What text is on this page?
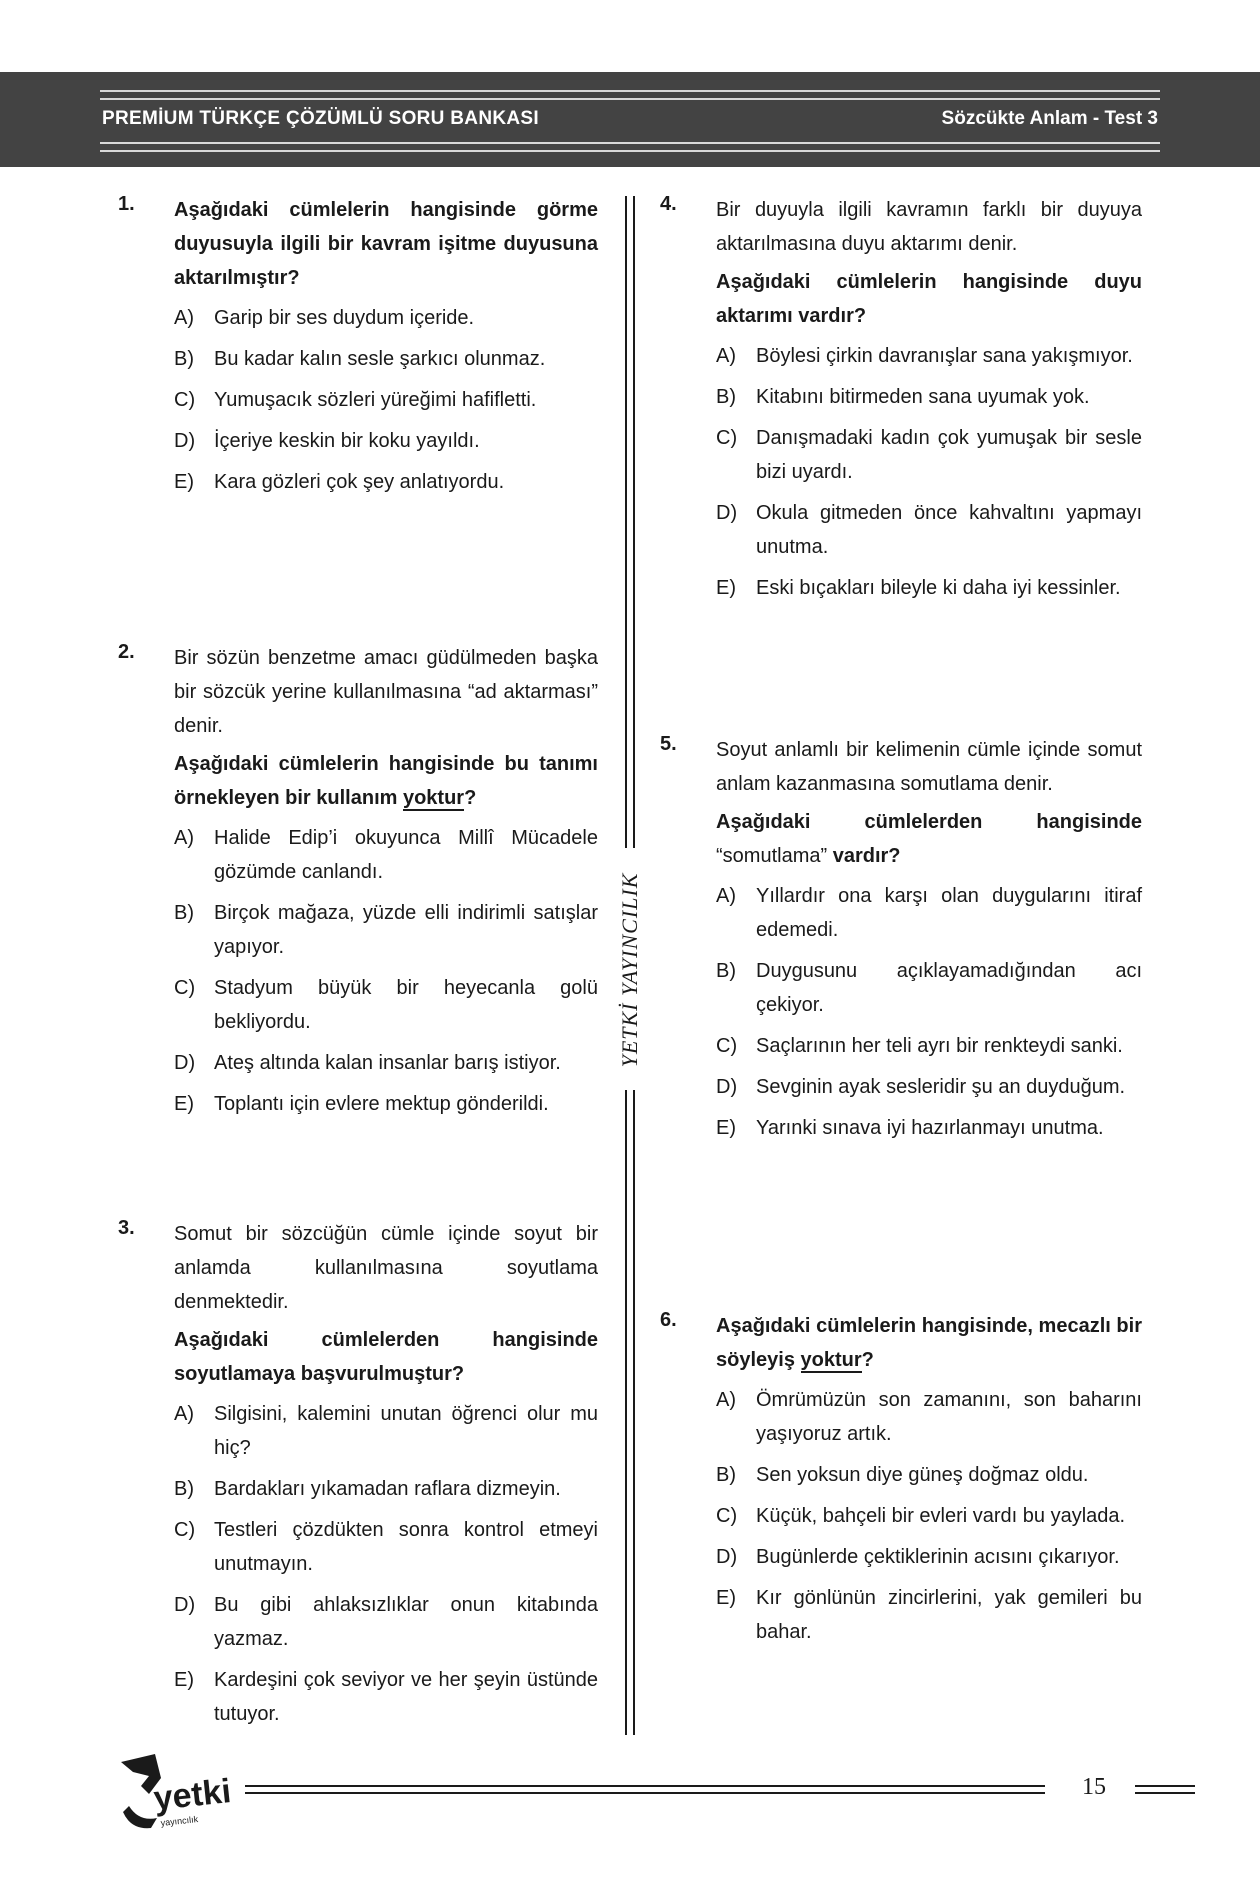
PREMİUM TÜRKÇE ÇÖZÜMLÜ SORU BANKASI	Sözcükte Anlam - Test 3
1. Aşağıdaki cümlelerin hangisinde görme duyusuyla ilgili bir kavram işitme duyusuna aktarılmıştır?

A) Garip bir ses duydum içeride.
B) Bu kadar kalın sesle şarkıcı olunmaz.
C) Yumuşacık sözleri yüreğimi hafifletti.
D) İçeriye keskin bir koku yayıldı.
E) Kara gözleri çok şey anlatıyordu.
2. Bir sözün benzetme amacı güdülmeden başka bir sözcük yerine kullanılmasına “ad aktarması” denir.

Aşağıdaki cümlelerin hangisinde bu tanımı örnekleyen bir kullanım yoktur?

A) Halide Edip’i okuyunca Millî Mücadele gözümde canlandı.
B) Birçok mağaza, yüzde elli indirimli satışlar yapıyor.
C) Stadyum büyük bir heyecanla golü bekliyordu.
D) Ateş altında kalan insanlar barış istiyor.
E) Toplantı için evlere mektup gönderildi.
3. Somut bir sözcüğün cümle içinde soyut bir anlamda kullanılmasına soyutlama denmektedir.

Aşağıdaki cümlelerden hangisinde soyutlamaya başvurulmuştur?

A) Silgisini, kalemini unutan öğrenci olur mu hiç?
B) Bardakları yıkamadan raflara dizmeyin.
C) Testleri çözdükten sonra kontrol etmeyi unutmayın.
D) Bu gibi ahlaksızlıklar onun kitabında yazmaz.
E) Kardeşini çok seviyor ve her şeyin üstünde tutuyor.
YETKİ YAYINCILIK
4. Bir duyuyla ilgili kavramın farklı bir duyuya aktarılmasına duyu aktarımı denir.

Aşağıdaki cümlelerin hangisinde duyu aktarımı vardır?

A) Böylesi çirkin davranışlar sana yakışmıyor.
B) Kitabını bitirmeden sana uyumak yok.
C) Danışmadaki kadın çok yumuşak bir sesle bizi uyardı.
D) Okula gitmeden önce kahvaltını yapmayı unutma.
E) Eski bıçakları bileyle ki daha iyi kessinler.
5. Soyut anlamlı bir kelimenin cümle içinde somut anlam kazanmasına somutlama denir.

Aşağıdaki cümlelerden hangisinde “somutlama” vardır?

A) Yıllardır ona karşı olan duygularını itiraf edemedi.
B) Duygusunu açıklayamadığından acı çekiyor.
C) Saçlarının her teli ayrı bir renkteydi sanki.
D) Sevginin ayak sesleridir şu an duyduğum.
E) Yarınki sınava iyi hazırlanmayı unutma.
6. Aşağıdaki cümlelerin hangisinde, mecazlı bir söyleyiş yoktur?

A) Ömrümüzün son zamanını, son baharını yaşıyoruz artık.
B) Sen yoksun diye güneş doğmaz oldu.
C) Küçük, bahçeli bir evleri vardı bu yaylada.
D) Bugünlerde çektiklerinin acısını çıkarıyor.
E) Kır gönlünün zincirlerini, yak gemileri bu bahar.
yetki
yayıncılık
15
